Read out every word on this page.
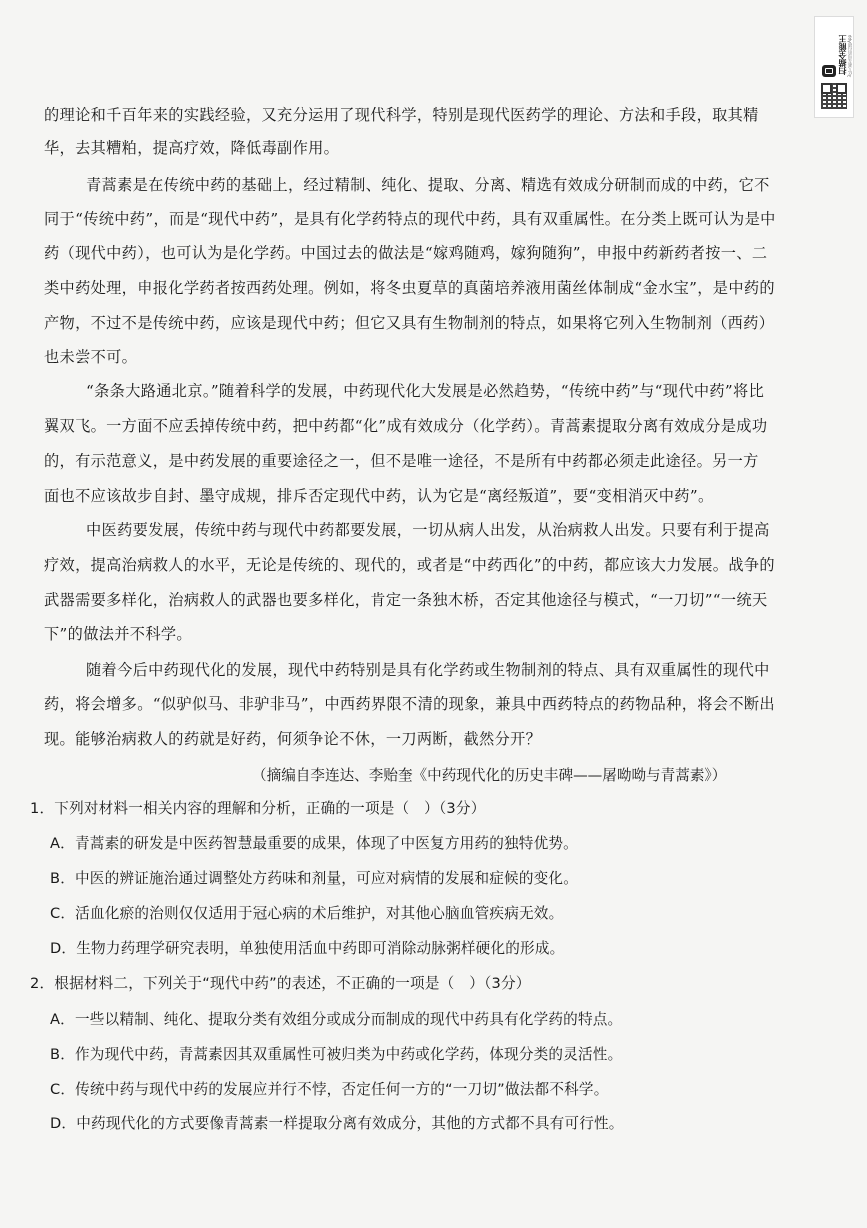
扫描全能王 3亿人都在用的扫描App
的理论和千百年来的实践经验，又充分运用了现代科学，特别是现代医药学的理论、方法和手段，取其精
华，去其糟粕，提高疗效，降低毒副作用。
青蒿素是在传统中药的基础上，经过精制、纯化、提取、分离、精选有效成分研制而成的中药，它不
同于“传统中药”，而是“现代中药”，是具有化学药特点的现代中药，具有双重属性。在分类上既可认为是中
药（现代中药），也可认为是化学药。中国过去的做法是“嫁鸡随鸡，嫁狗随狗”，申报中药新药者按一、二
类中药处理，申报化学药者按西药处理。例如，将冬虫夏草的真菌培养液用菌丝体制成“金水宝”，是中药的
产物，不过不是传统中药，应该是现代中药；但它又具有生物制剂的特点，如果将它列入生物制剂（西药）
也未尝不可。
“条条大路通北京。”随着科学的发展，中药现代化大发展是必然趋势，“传统中药”与“现代中药”将比
翼双飞。一方面不应丢掉传统中药，把中药都“化”成有效成分（化学药）。青蒿素提取分离有效成分是成功
的，有示范意义，是中药发展的重要途径之一，但不是唯一途径，不是所有中药都必须走此途径。另一方
面也不应该故步自封、墨守成规，排斥否定现代中药，认为它是“离经叛道”，要“变相消灭中药”。
中医药要发展，传统中药与现代中药都要发展，一切从病人出发，从治病救人出发。只要有利于提高
疗效，提高治病救人的水平，无论是传统的、现代的，或者是“中药西化”的中药，都应该大力发展。战争的
武器需要多样化，治病救人的武器也要多样化，肯定一条独木桥，否定其他途径与模式，“一刀切”“一统天
下”的做法并不科学。
随着今后中药现代化的发展，现代中药特别是具有化学药或生物制剂的特点、具有双重属性的现代中
药，将会增多。“似驴似马、非驴非马”，中西药界限不清的现象，兼具中西药特点的药物品种，将会不断出
现。能够治病救人的药就是好药，何须争论不休，一刀两断，截然分开？
（摘编自李连达、李贻奎《中药现代化的历史丰碑——屠呦呦与青蒿素》）
1．下列对材料一相关内容的理解和分析，正确的一项是（　）（3分）
A．青蒿素的研发是中医药智慧最重要的成果，体现了中医复方用药的独特优势。
B．中医的辨证施治通过调整处方药味和剂量，可应对病情的发展和症候的变化。
C．活血化瘀的治则仅仅适用于冠心病的术后维护，对其他心脑血管疾病无效。
D．生物力药理学研究表明，单独使用活血中药即可消除动脉粥样硬化的形成。
2．根据材料二，下列关于“现代中药”的表述，不正确的一项是（　）（3分）
A．一些以精制、纯化、提取分类有效组分或成分而制成的现代中药具有化学药的特点。
B．作为现代中药，青蒿素因其双重属性可被归类为中药或化学药，体现分类的灵活性。
C．传统中药与现代中药的发展应并行不悖，否定任何一方的“一刀切”做法都不科学。
D．中药现代化的方式要像青蒿素一样提取分离有效成分，其他的方式都不具有可行性。
